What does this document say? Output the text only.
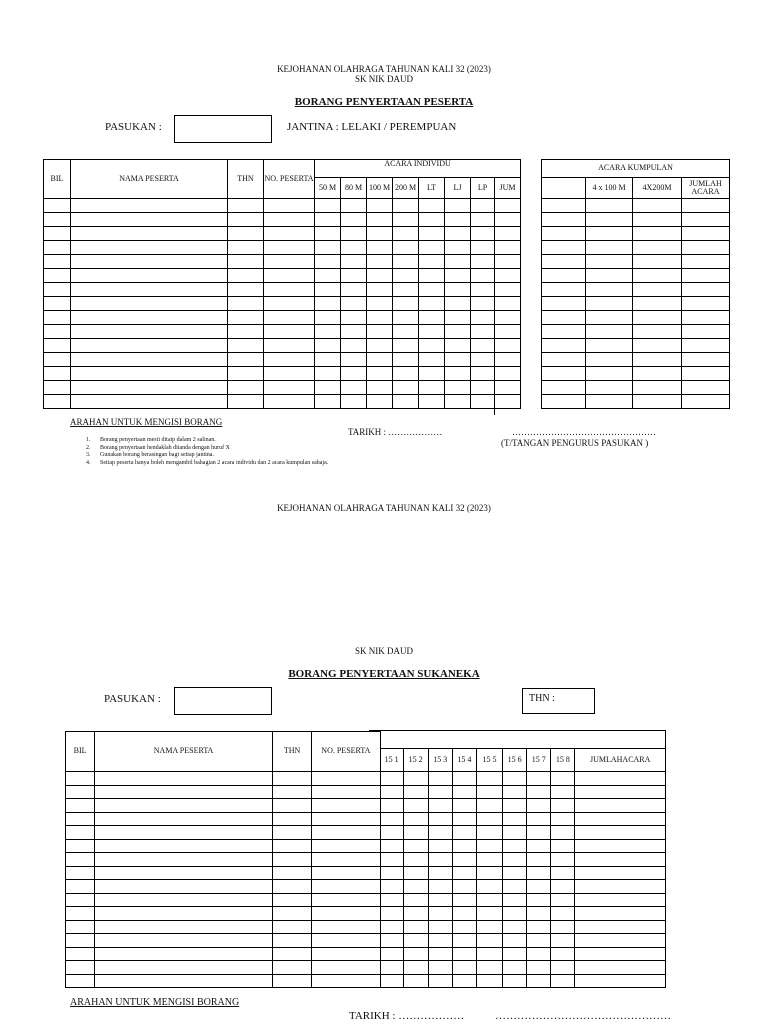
KEJOHANAN OLAHRAGA TAHUNAN KALI 32 (2023)
SK NIK DAUD
BORANG PENYERTAAN PESERTA
PASUKAN :	JANTINA : LELAKI / PEREMPUAN
BIL	NAMA PESERTA	THN	NO. PESERTA	ACARA INDIVIDU							
				50 M	80 M	100 M	200 M	LT	LJ	LP	JUM

ACARA KUMPULAN			
	4 x 100 M	4X200M	JUMLAH ACARA

ARAHAN UNTUK MENGISI BORANG
1. Borang penyertaan mesti ditaip dalam 2 salinan.
2. Borang penyertaan hendaklah ditanda dengan huruf X
3. Gunakan borang berasingan bagi setiap jantina.
4. Setiap peserta hanya boleh mengambil bahagian 2 acara individu dan 2 acara kumpulan sahaja.
TARIKH : ………………	…………………………………………
(T/TANGAN PENGURUS PASUKAN )
KEJOHANAN OLAHRAGA TAHUNAN KALI 32 (2023)
SK NIK DAUD
BORANG PENYERTAAN SUKANEKA
PASUKAN :	THN :
BIL	NAMA PESERTA	THN	NO. PESERTA									
				15 1	15 2	15 3	15 4	15 5	15 6	15 7	15 8	JUMLAHACARA

ARAHAN UNTUK MENGISI BORANG
TARIKH : ………………	…………………………………………
